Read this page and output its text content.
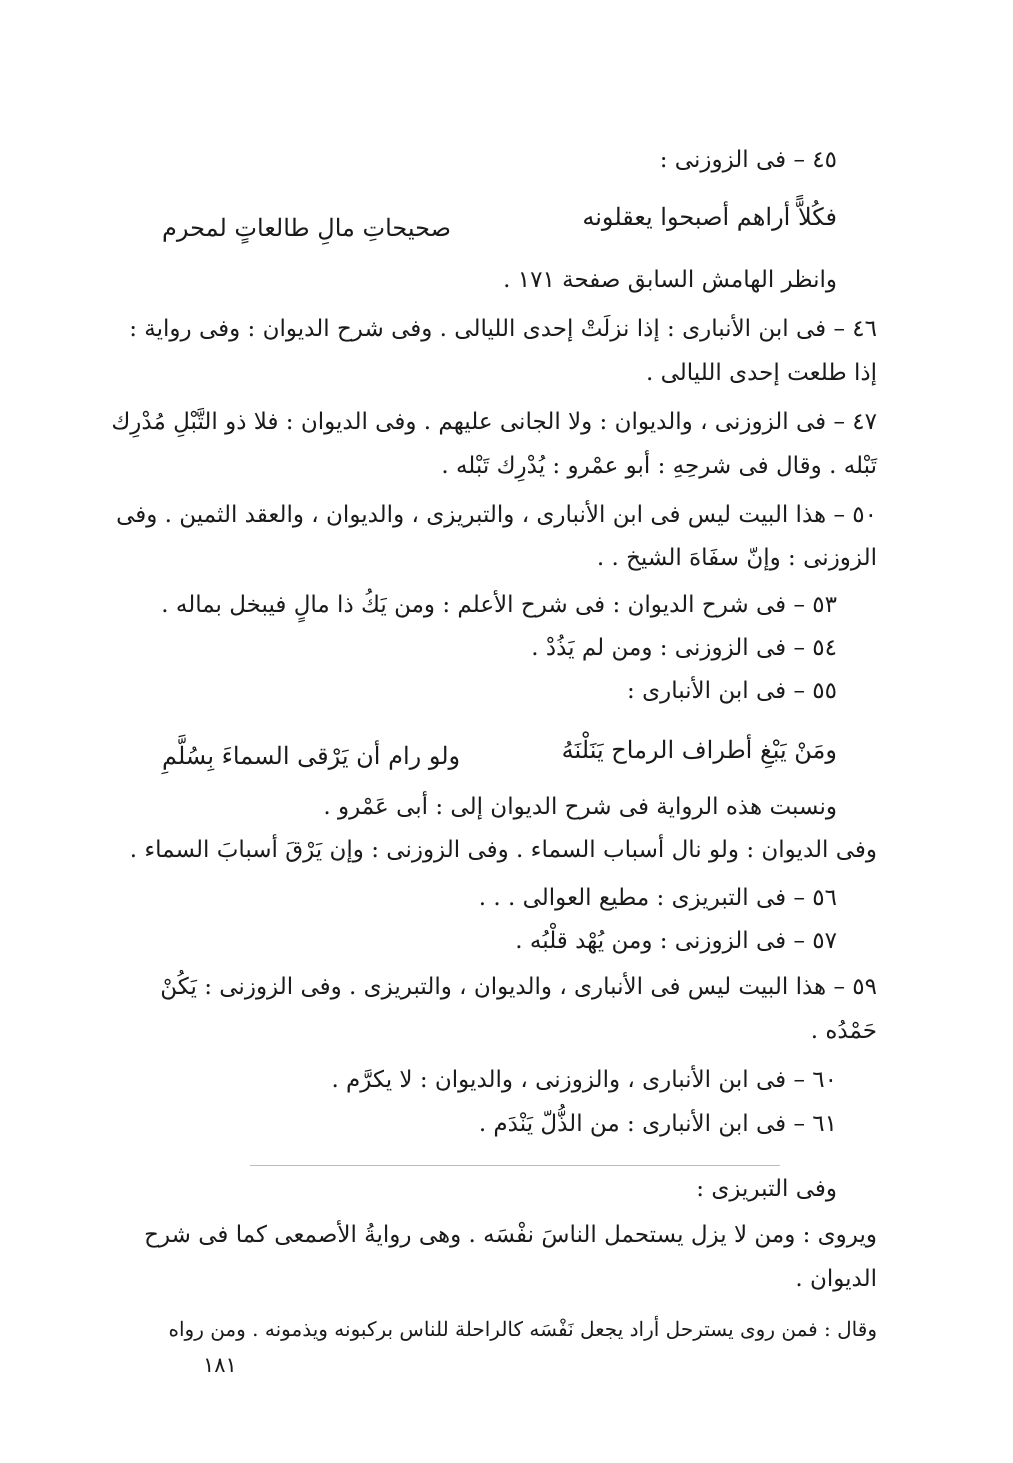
٤٥ – فى الزوزنى :
فكُلاًّ أراهم أصبحوا يعقلونه
صحيحاتِ مالِ طالعاتٍ لمحرم
وانظر الهامش السابق صفحة ١٧١ .
٤٦ – فى ابن الأنبارى : إذا نزلَتْ إحدى الليالى . وفى شرح الديوان : وفى رواية :
إذا طلعت إحدى الليالى .
٤٧ – فى الزوزنى ، والديوان : ولا الجانى عليهم . وفى الديوان : فلا ذو التَّبْلِ مُدْرِك
تَبْله . وقال فى شرحِهِ : أبو عمْرو : يُدْرِك تَبْله .
٥٠ – هذا البيت ليس فى ابن الأنبارى ، والتبريزى ، والديوان ، والعقد الثمين . وفى
الزوزنى : وإنّ سفَاهَ الشيخ . .
٥٣ – فى شرح الديوان : فى شرح الأعلم : ومن يَكُ ذا مالٍ فيبخل بماله .
٥٤ – فى الزوزنى : ومن لم يَذُدْ .
٥٥ – فى ابن الأنبارى :
ومَنْ يَبْغِ أطراف الرماح يَنَلْنَهُ
ولو رام أن يَرْقى السماءَ بِسُلَّمِ
ونسبت هذه الرواية فى شرح الديوان إلى : أبى عَمْرو .
وفى الديوان : ولو نال أسباب السماء . وفى الزوزنى : وإن يَرْقَ أسبابَ السماء .
٥٦ – فى التبريزى : مطيع العوالى . . .
٥٧ – فى الزوزنى : ومن يُهْد قلْبُه .
٥٩ – هذا البيت ليس فى الأنبارى ، والديوان ، والتبريزى . وفى الزوزنى : يَكُنْ
حَمْدُه .
٦٠ – فى ابن الأنبارى ، والزوزنى ، والديوان : لا يكرَّم .
٦١ – فى ابن الأنبارى : من الذُّلّ يَنْدَم .
وفى التبريزى :
ويروى : ومن لا يزل يستحمل الناسَ نفْسَه . وهى روايةُ الأصمعى كما فى شرح
الديوان .
وقال : فمن روى يسترحل أراد يجعل نَفْسَه كالراحلة للناس بركبونه ويذمونه . ومن رواه
١٨١
